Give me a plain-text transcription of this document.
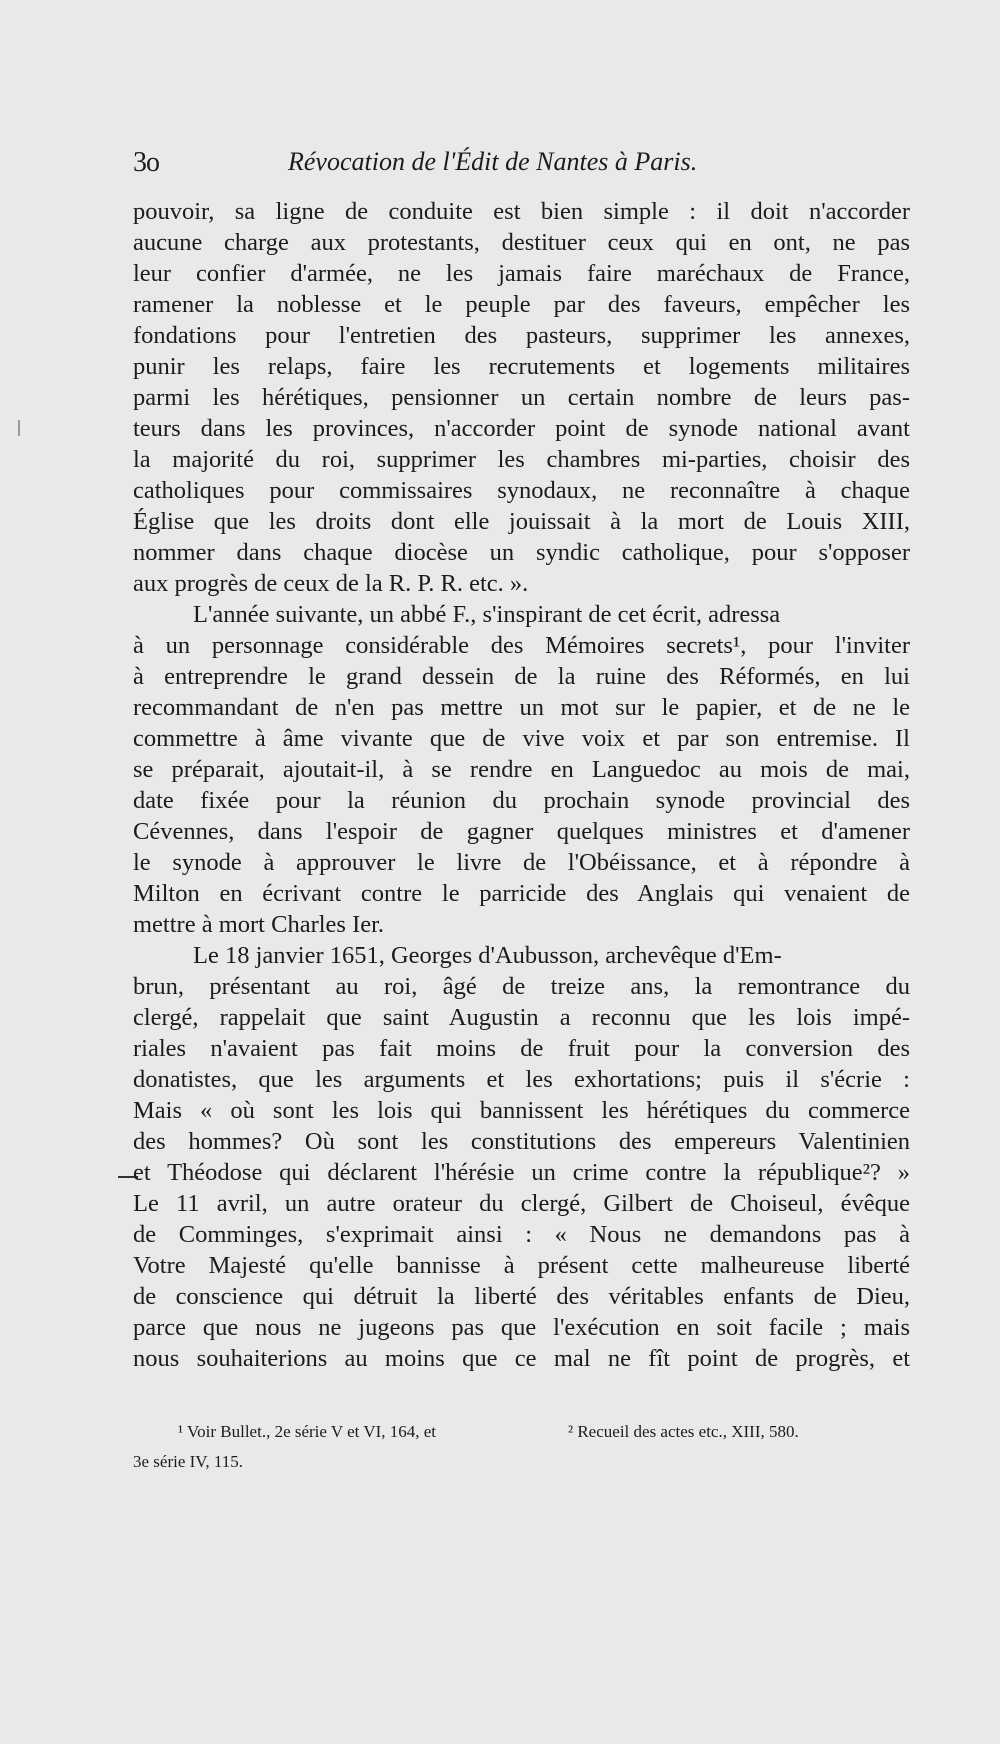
3o	Révocation de l'Édit de Nantes à Paris.
pouvoir, sa ligne de conduite est bien simple : il doit n'accorder
aucune charge aux protestants, destituer ceux qui en ont, ne pas
leur confier d'armée, ne les jamais faire maréchaux de France,
ramener la noblesse et le peuple par des faveurs, empêcher les
fondations pour l'entretien des pasteurs, supprimer les annexes,
punir les relaps, faire les recrutements et logements militaires
parmi les hérétiques, pensionner un certain nombre de leurs pas-
teurs dans les provinces, n'accorder point de synode national avant
la majorité du roi, supprimer les chambres mi-parties, choisir des
catholiques pour commissaires synodaux, ne reconnaître à chaque
Église que les droits dont elle jouissait à la mort de Louis XIII,
nommer dans chaque diocèse un syndic catholique, pour s'opposer
aux progrès de ceux de la R. P. R. etc. ».
L'année suivante, un abbé F., s'inspirant de cet écrit, adressa
à un personnage considérable des Mémoires secrets¹, pour l'inviter
à entreprendre le grand dessein de la ruine des Réformés, en lui
recommandant de n'en pas mettre un mot sur le papier, et de ne le
commettre à âme vivante que de vive voix et par son entremise. Il
se préparait, ajoutait-il, à se rendre en Languedoc au mois de mai,
date fixée pour la réunion du prochain synode provincial des
Cévennes, dans l'espoir de gagner quelques ministres et d'amener
le synode à approuver le livre de l'Obéissance, et à répondre à
Milton en écrivant contre le parricide des Anglais qui venaient de
mettre à mort Charles Ier.
Le 18 janvier 1651, Georges d'Aubusson, archevêque d'Em-
brun, présentant au roi, âgé de treize ans, la remontrance du
clergé, rappelait que saint Augustin a reconnu que les lois impé-
riales n'avaient pas fait moins de fruit pour la conversion des
donatistes, que les arguments et les exhortations; puis il s'écrie :
Mais « où sont les lois qui bannissent les hérétiques du commerce
des hommes? Où sont les constitutions des empereurs Valentinien
et Théodose qui déclarent l'hérésie un crime contre la république²? »
Le 11 avril, un autre orateur du clergé, Gilbert de Choiseul, évêque
de Comminges, s'exprimait ainsi : « Nous ne demandons pas à
Votre Majesté qu'elle bannisse à présent cette malheureuse liberté
de conscience qui détruit la liberté des véritables enfants de Dieu,
parce que nous ne jugeons pas que l'exécution en soit facile ; mais
nous souhaiterions au moins que ce mal ne fît point de progrès, et
¹ Voir Bullet., 2e série V et VI, 164, et
3e série IV, 115.
² Recueil des actes etc., XIII, 580.
